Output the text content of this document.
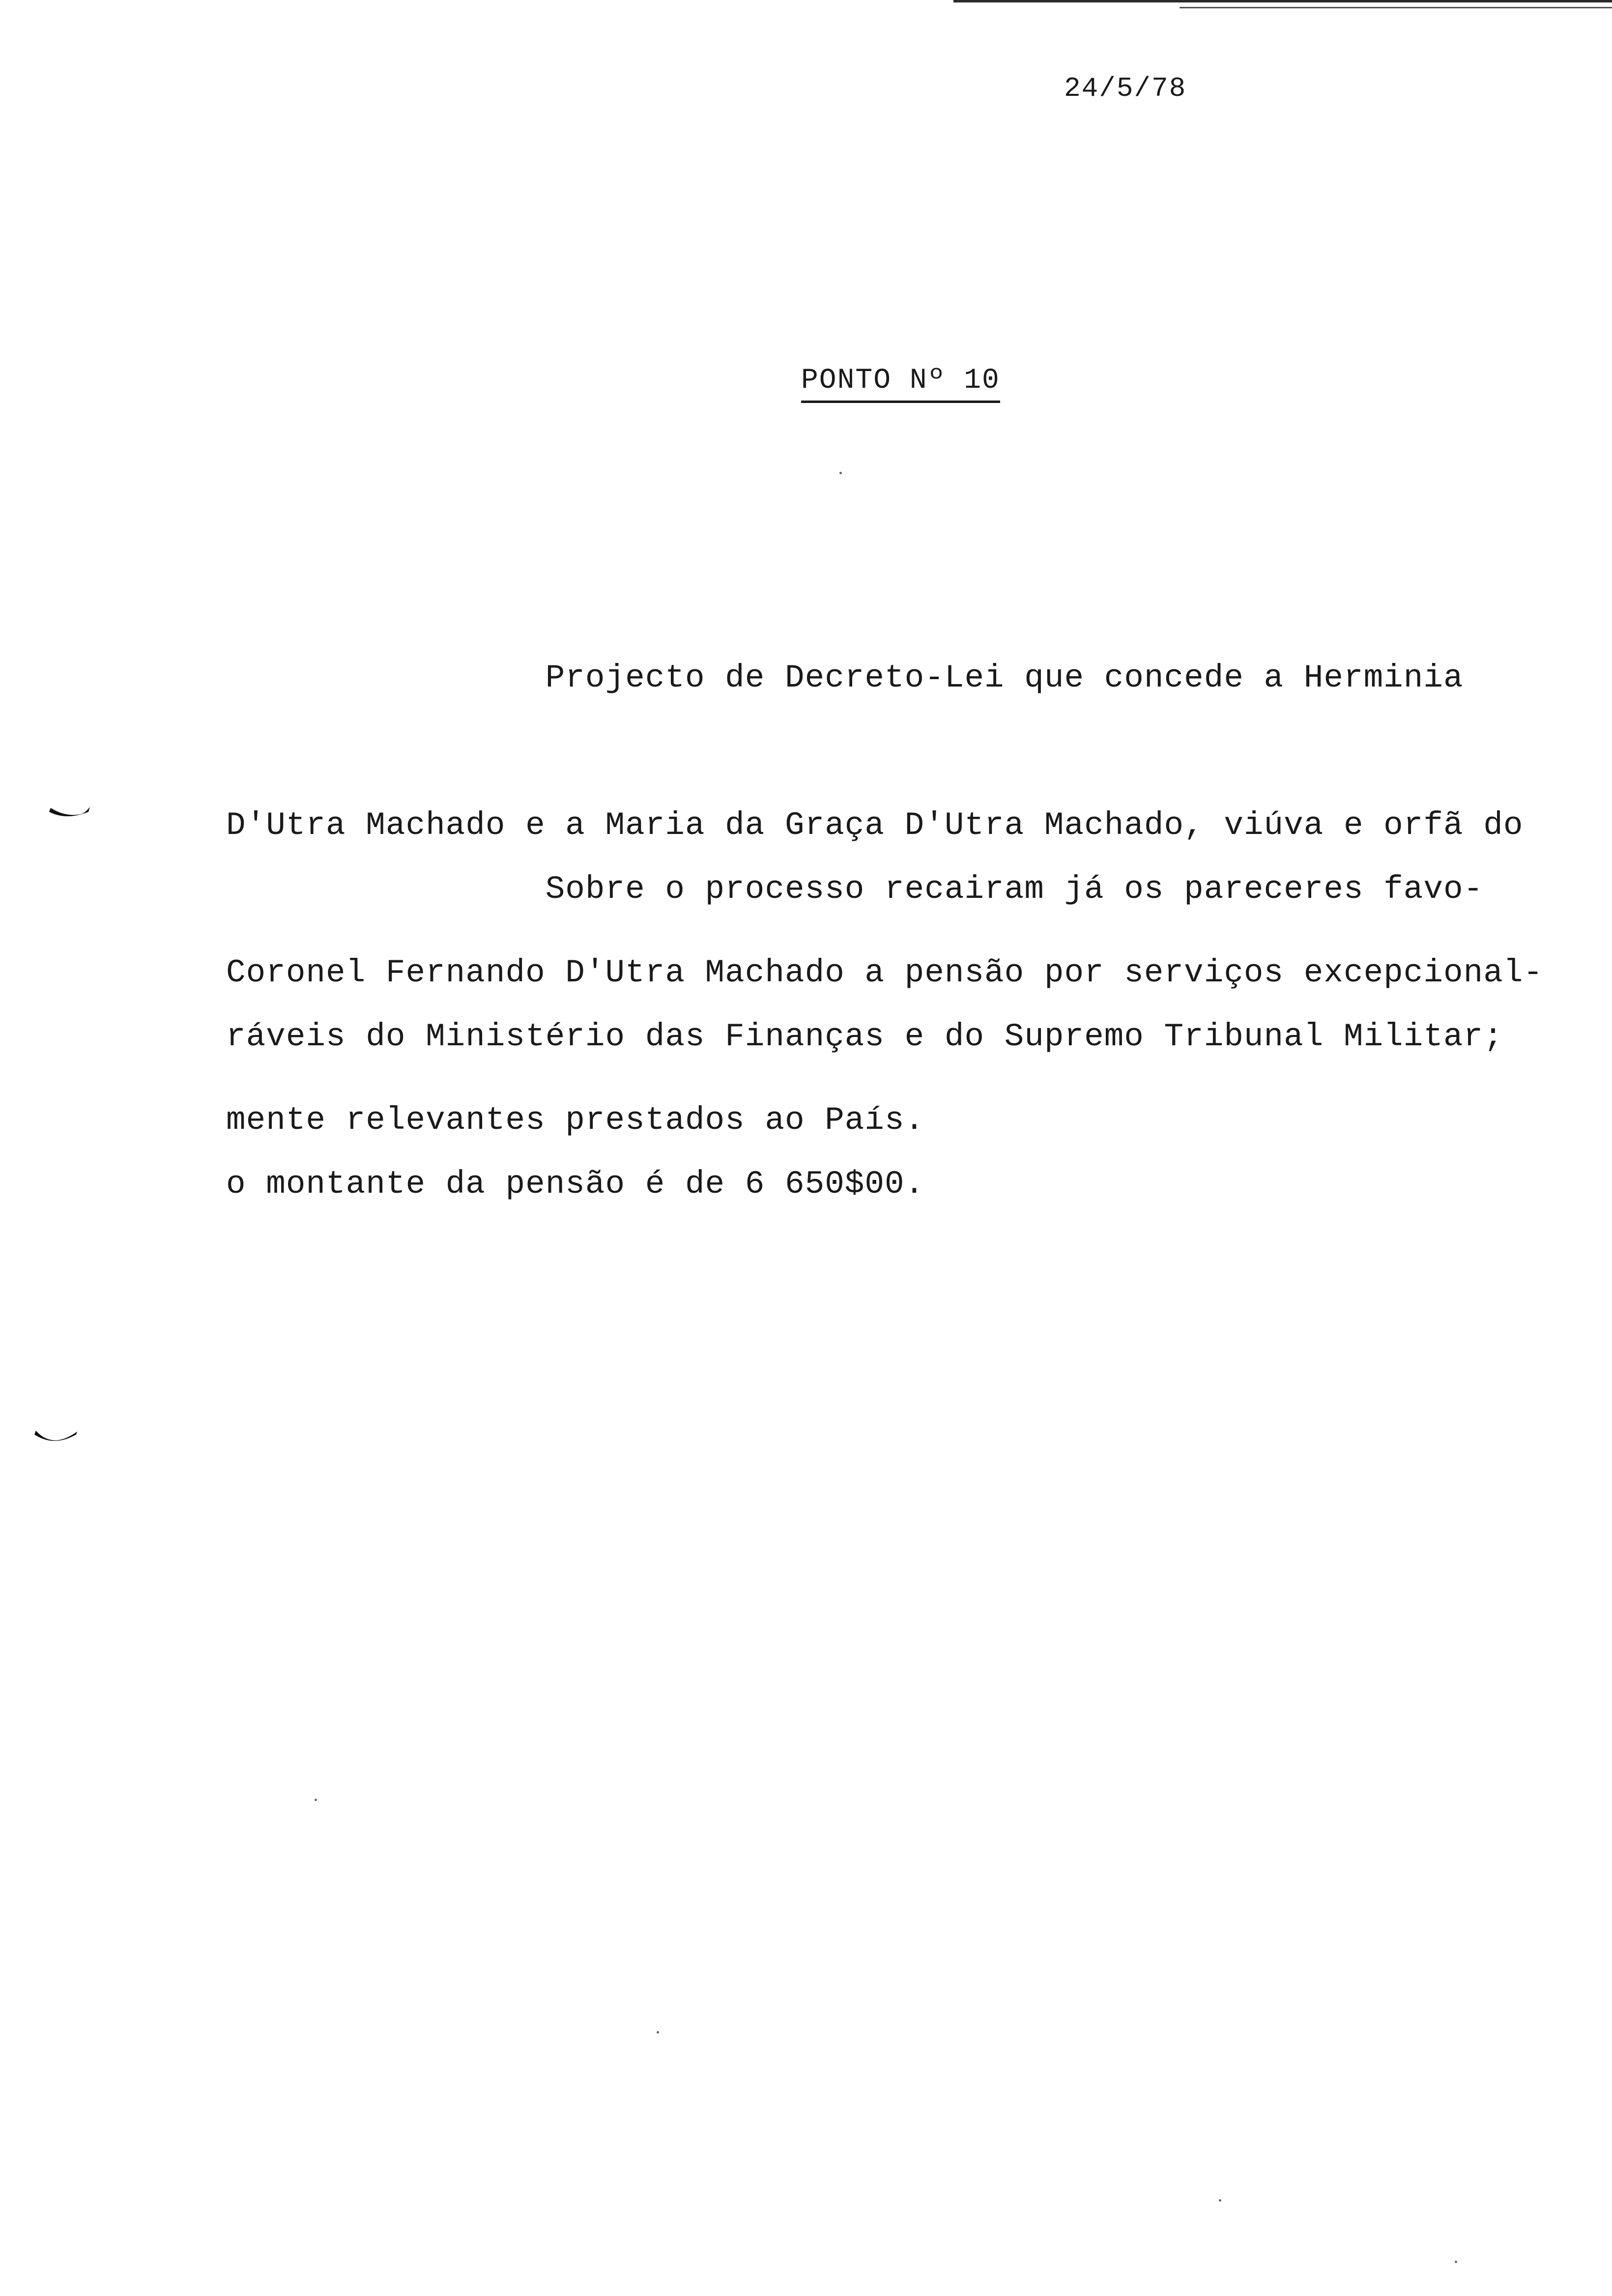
24/5/78
PONTO Nº 10

Projecto de Decreto-Lei que concede a Herminia

D'Utra Machado e a Maria da Graça D'Utra Machado, viúva e orfã do

Coronel Fernando D'Utra Machado a pensão por serviços excepcional-

mente relevantes prestados ao País.

Sobre o processo recairam já os pareceres favo-

ráveis do Ministério das Finanças e do Supremo Tribunal Militar;

o montante da pensão é de 6 650$00.
